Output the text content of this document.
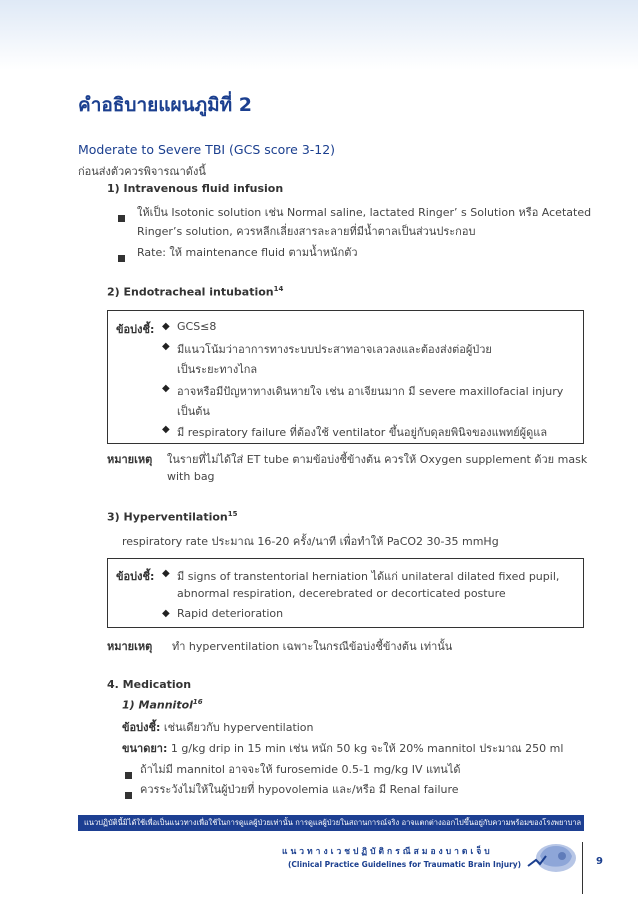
คำอธิบายแผนภูมิที่ 2
Moderate to Severe TBI (GCS score 3-12)
ก่อนส่งตัวควรพิจารณาดังนี้
1) Intravenous fluid infusion
ให้เป็น Isotonic solution เช่น Normal saline, lactated Ringer’ s Solution หรือ Acetated
Ringer’s solution, ควรหลีกเลี่ยงสารละลายที่มีน้ำตาลเป็นส่วนประกอบ
Rate: ให้ maintenance fluid ตามน้ำหนักตัว
2) Endotracheal intubation$^{14}$
ข้อบ่งชี้: ◆ GCS≤8
◆ มีแนวโน้มว่าอาการทางระบบประสาทอาจเลวลงและต้องส่งต่อผู้ป่วย
เป็นระยะทางไกล
◆ อาจหรือมีปัญหาทางเดินหายใจ เช่น อาเจียนมาก มี severe maxillofacial injury
เป็นต้น
◆ มี respiratory failure ที่ต้องใช้ ventilator ขึ้นอยู่กับดุลยพินิจของแพทย์ผู้ดูแล
หมายเหตุ ในรายที่ไม่ได้ใส่ ET tube ตามข้อบ่งชี้ข้างต้น ควรให้ Oxygen supplement ด้วย mask
with bag
3) Hyperventilation$^{15}$
respiratory rate ประมาณ 16-20 ครั้ง/นาที เพื่อทำให้ PaCO2 30-35 mmHg
ข้อบ่งชี้: ◆ มี signs of transtentorial herniation ได้แก่ unilateral dilated fixed pupil,
abnormal respiration, decerebrated or decorticated posture
◆ Rapid deterioration
หมายเหตุ ทำ hyperventilation เฉพาะในกรณีข้อบ่งชี้ข้างต้น เท่านั้น
4. Medication
1) Mannitol$^{16}$
ข้อบ่งชี้: เช่นเดียวกับ hyperventilation
ขนาดยา: 1 g/kg drip in 15 min เช่น หนัก 50 kg จะให้ 20% mannitol ประมาณ 250 ml
ถ้าไม่มี mannitol อาจจะให้ furosemide 0.5-1 mg/kg IV แทนได้
ควรระวังไม่ให้ในผู้ป่วยที่ hypovolemia และ/หรือ มี Renal failure
แนวปฏิบัตินี้มิได้ใช้เพื่อเป็นแนวทางเพื่อใช้ในการดูแลผู้ป่วยเท่านั้น การดูแลผู้ป่วยในสถานการณ์จริง อาจแตกต่างออกไปขึ้นอยู่กับความพร้อมของโรงพยาบาล
แนวทางเวชปฏิบัติกรณีสมองบาดเจ็บ
(Clinical Practice Guidelines for Traumatic Brain Injury)	9
